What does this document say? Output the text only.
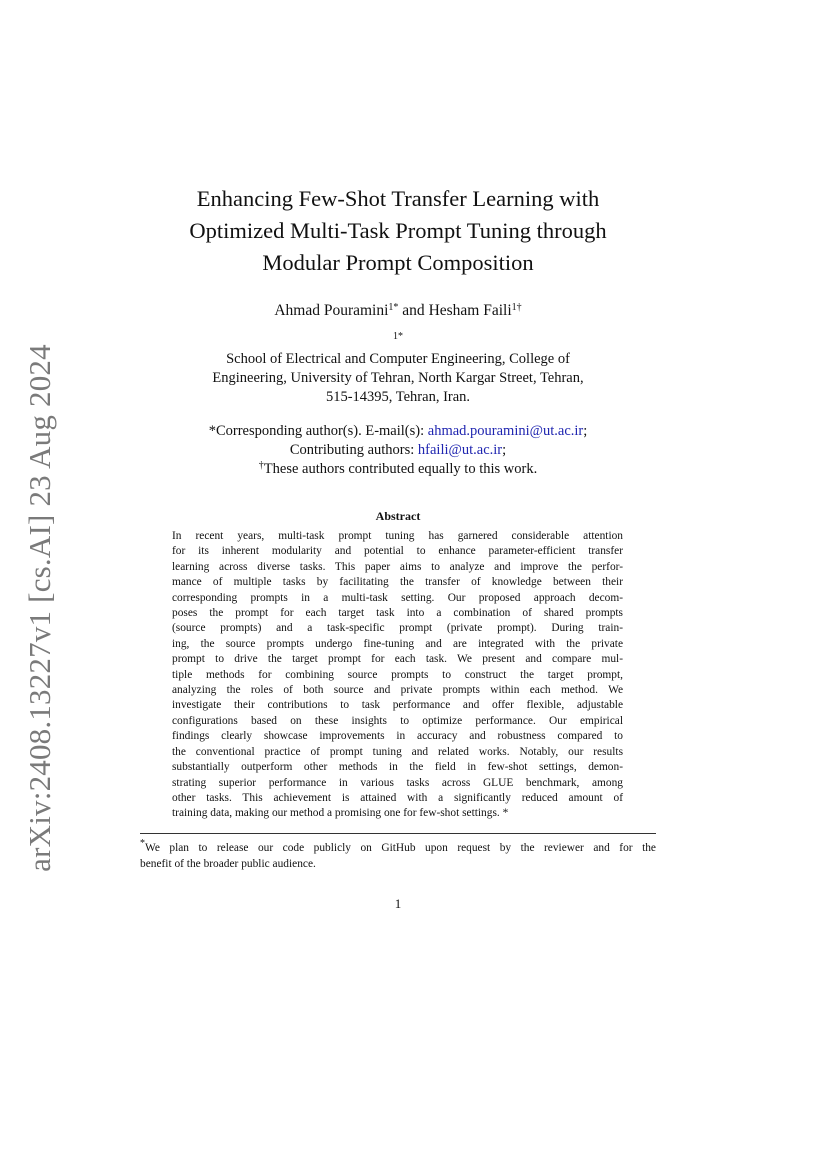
arXiv:2408.13227v1 [cs.AI] 23 Aug 2024
Enhancing Few-Shot Transfer Learning with
Optimized Multi-Task Prompt Tuning through
Modular Prompt Composition
Ahmad Pouramini$^{1*}$ and Hesham Faili$^{1\dagger}$
$^{1*}$
School of Electrical and Computer Engineering, College of
Engineering, University of Tehran, North Kargar Street, Tehran,
515-14395, Tehran, Iran.
*Corresponding author(s). E-mail(s): ahmad.pouramini@ut.ac.ir;
Contributing authors: hfaili@ut.ac.ir;
†These authors contributed equally to this work.
Abstract
In recent years, multi-task prompt tuning has garnered considerable attention
for its inherent modularity and potential to enhance parameter-efficient transfer
learning across diverse tasks. This paper aims to analyze and improve the perfor-
mance of multiple tasks by facilitating the transfer of knowledge between their
corresponding prompts in a multi-task setting. Our proposed approach decom-
poses the prompt for each target task into a combination of shared prompts
(source prompts) and a task-specific prompt (private prompt). During train-
ing, the source prompts undergo fine-tuning and are integrated with the private
prompt to drive the target prompt for each task. We present and compare mul-
tiple methods for combining source prompts to construct the target prompt,
analyzing the roles of both source and private prompts within each method. We
investigate their contributions to task performance and offer flexible, adjustable
configurations based on these insights to optimize performance. Our empirical
findings clearly showcase improvements in accuracy and robustness compared to
the conventional practice of prompt tuning and related works. Notably, our results
substantially outperform other methods in the field in few-shot settings, demon-
strating superior performance in various tasks across GLUE benchmark, among
other tasks. This achievement is attained with a significantly reduced amount of
training data, making our method a promising one for few-shot settings. *
*We plan to release our code publicly on GitHub upon request by the reviewer and for the
benefit of the broader public audience.
1
